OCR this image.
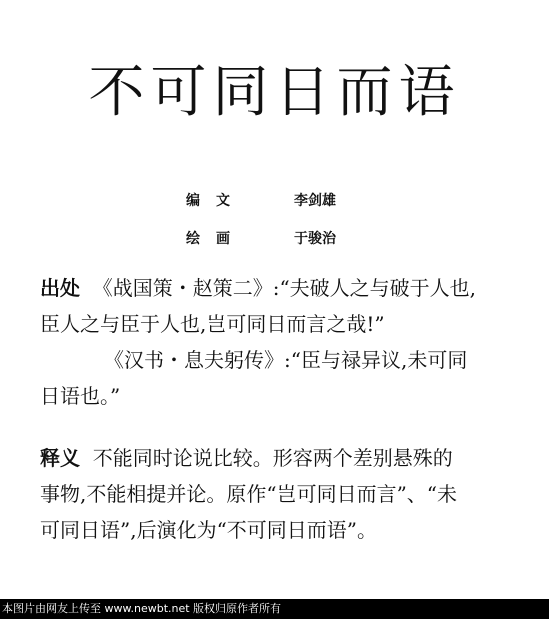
不可同日而语
编文	李剑雄
绘画	于骏治
出处 《战国策・赵策二》:“夫破人之与破于人也,
臣人之与臣于人也,岂可同日而言之哉!”
《汉书・息夫躬传》:“臣与禄异议,未可同
日语也。”
释义 不能同时论说比较。形容两个差别悬殊的
事物,不能相提并论。原作“岂可同日而言”、“未
可同日语”,后演化为“不可同日而语”。
本图片由网友上传至 www.newbt.net 版权归原作者所有
